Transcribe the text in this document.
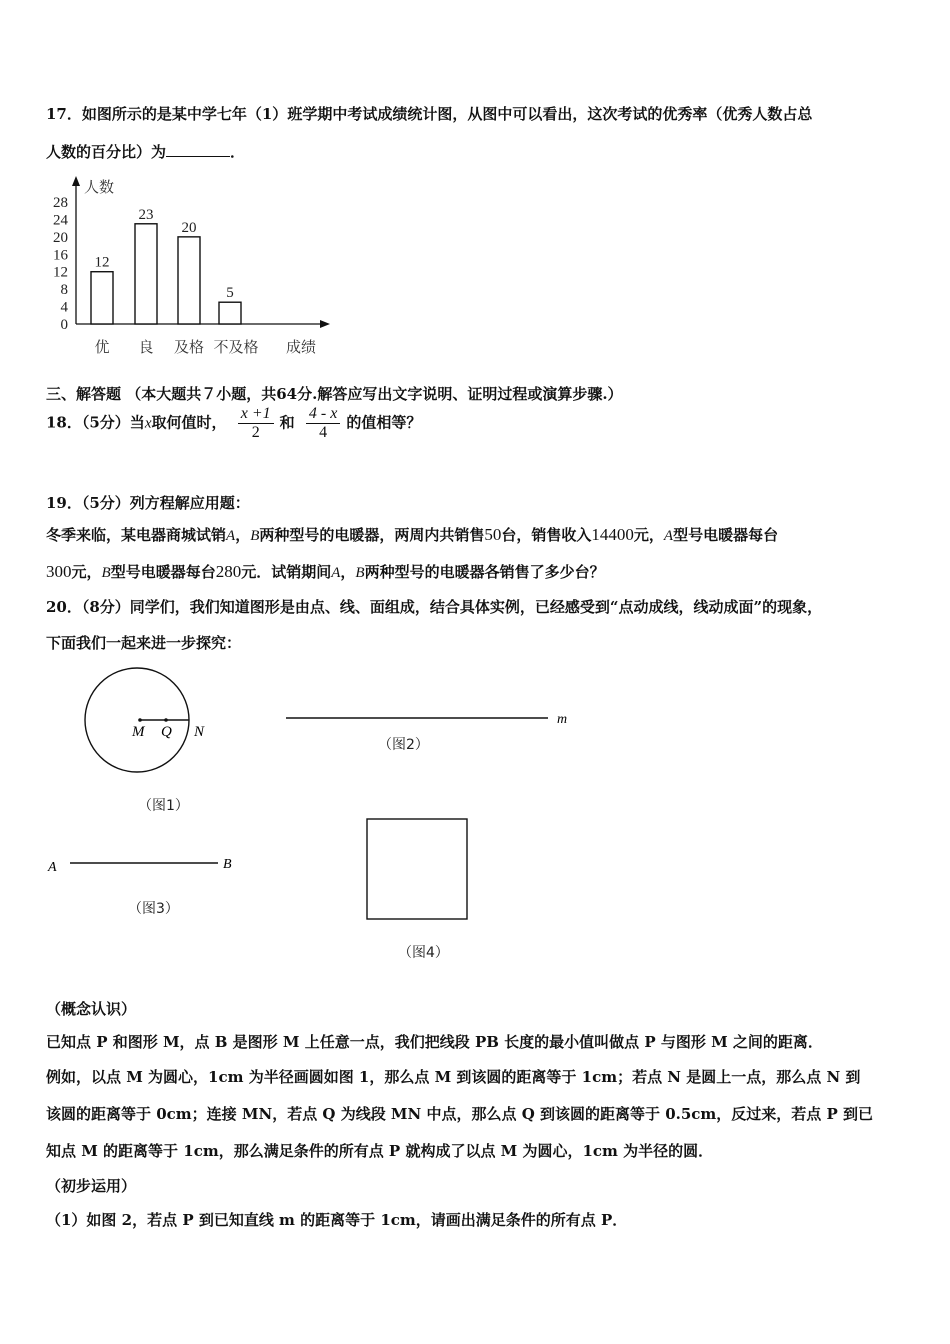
17．如图所示的是某中学七年（1）班学期中考试成绩统计图，从图中可以看出，这次考试的优秀率（优秀人数占总
人数的百分比）为	．
人数
成绩
0
4
8
12
16
20
24
28
12
优
23
良
20
及格
5
不及格
三、解答题 （本大题共７小题，共64分.解答应写出文字说明、证明过程或演算步骤.）
18．（5分）当x取何值时， $\frac{x +1}{2}$ 和 $\frac{4 - x}{4}$ 的值相等？
19．（5分）列方程解应用题：
冬季来临，某电器商城试销A，B两种型号的电暖器，两周内共销售50台，销售收入14400元，A型号电暖器每台
300元，B型号电暖器每台280元．试销期间A，B两种型号的电暖器各销售了多少台？
20．（8分）同学们，我们知道图形是由点、线、面组成，结合具体实例，已经感受到“点动成线，线动成面”的现象，
下面我们一起来进一步探究：
M Q N
（图1）
m
（图2）
A	B
（图3）
（图4）
（概念认识）
已知点 P 和图形 M，点 B 是图形 M 上任意一点，我们把线段 PB 长度的最小值叫做点 P 与图形 M 之间的距离．
例如，以点 M 为圆心，1cm 为半径画圆如图 1，那么点 M 到该圆的距离等于 1cm；若点 N 是圆上一点，那么点 N 到
该圆的距离等于 0cm；连接 MN，若点 Q 为线段 MN 中点，那么点 Q 到该圆的距离等于 0.5cm，反过来，若点 P 到已
知点 M 的距离等于 1cm，那么满足条件的所有点 P 就构成了以点 M 为圆心，1cm 为半径的圆．
（初步运用）
（1）如图 2，若点 P 到已知直线 m 的距离等于 1cm，请画出满足条件的所有点 P．
